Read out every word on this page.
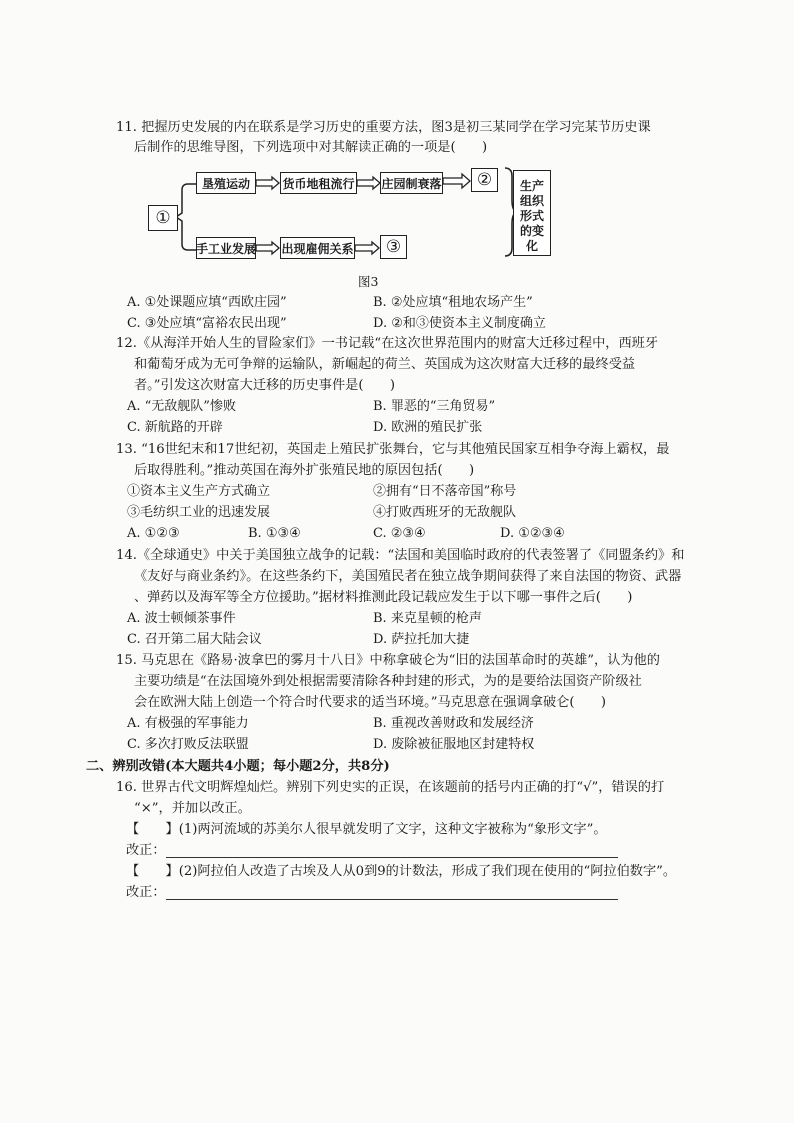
11. 把握历史发展的内在联系是学习历史的重要方法，图3是初三某同学在学习完某节历史课
后制作的思维导图，下列选项中对其解读正确的一项是(　　)
①
垦殖运动	货币地租流行 庄园制衰落	②
手工业发展 出现雇佣关系	③
生产
组织
形式
的变
化
图3
A. ①处课题应填“西欧庄园”	B. ②处应填“租地农场产生”
C. ③处应填“富裕农民出现”	D. ②和③使资本主义制度确立
12.《从海洋开始人生的冒险家们》一书记载“在这次世界范围内的财富大迁移过程中，西班牙
和葡萄牙成为无可争辩的运输队，新崛起的荷兰、英国成为这次财富大迁移的最终受益
者。”引发这次财富大迁移的历史事件是(　　)
A. “无敌舰队”惨败	B. 罪恶的“三角贸易”
C. 新航路的开辟	D. 欧洲的殖民扩张
13. “16世纪末和17世纪初，英国走上殖民扩张舞台，它与其他殖民国家互相争夺海上霸权，最
后取得胜利。”推动英国在海外扩张殖民地的原因包括(　　)
①资本主义生产方式确立	②拥有“日不落帝国”称号
③毛纺织工业的迅速发展	④打败西班牙的无敌舰队
A. ①②③	B. ①③④	C. ②③④	D. ①②③④
14.《全球通史》中关于美国独立战争的记载：“法国和美国临时政府的代表签署了《同盟条约》和
《友好与商业条约》。在这些条约下，美国殖民者在独立战争期间获得了来自法国的物资、武器
、弹药以及海军等全方位援助。”据材料推测此段记载应发生于以下哪一事件之后(　　)
A. 波士顿倾茶事件	B. 来克星顿的枪声
C. 召开第二届大陆会议	D. 萨拉托加大捷
15. 马克思在《路易·波拿巴的雾月十八日》中称拿破仑为“旧的法国革命时的英雄”，认为他的
主要功绩是“在法国境外到处根据需要清除各种封建的形式，为的是要给法国资产阶级社
会在欧洲大陆上创造一个符合时代要求的适当环境。”马克思意在强调拿破仑(　　)
A. 有极强的军事能力	B. 重视改善财政和发展经济
C. 多次打败反法联盟	D. 废除被征服地区封建特权
二、辨别改错(本大题共4小题；每小题2分，共8分)
16. 世界古代文明辉煌灿烂。辨别下列史实的正误，在该题前的括号内正确的打“√”，错误的打
“×”，并加以改正。
【　　】(1)两河流域的苏美尔人很早就发明了文字，这种文字被称为“象形文字”。
改正：
【　　】(2)阿拉伯人改造了古埃及人从0到9的计数法，形成了我们现在使用的“阿拉伯数字”。
改正：
